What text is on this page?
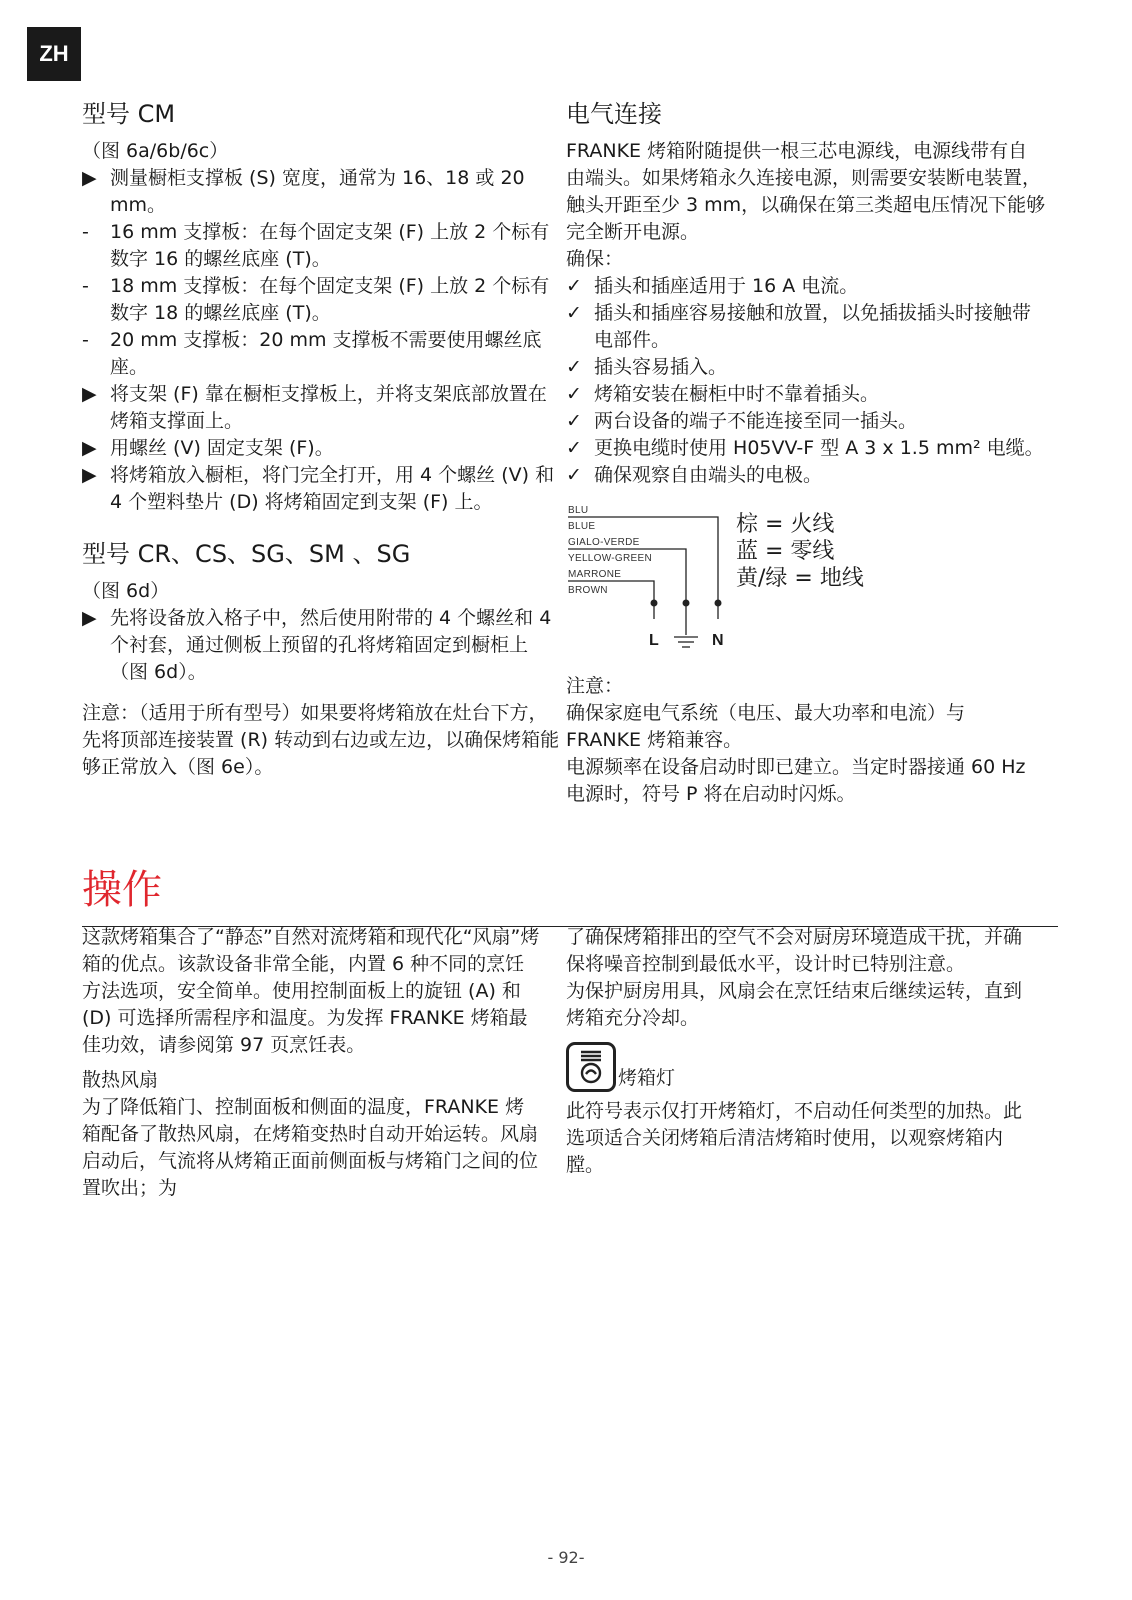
ZH
型号 CM

（图 6a/6b/6c）

▶ 测量橱柜支撑板 (S) 宽度，通常为 16、18 或 20 mm。
-	16 mm 支撑板：在每个固定支架 (F) 上放 2 个标有数字 16 的螺丝底座 (T)。
-	18 mm 支撑板：在每个固定支架 (F) 上放 2 个标有数字 18 的螺丝底座 (T)。
-	20 mm 支撑板：20 mm 支撑板不需要使用螺丝底座。
▶ 将支架 (F) 靠在橱柜支撑板上，并将支架底部放置在烤箱支撑面上。
▶ 用螺丝 (V) 固定支架 (F)。
▶ 将烤箱放入橱柜，将门完全打开，用 4 个螺丝 (V) 和 4 个塑料垫片 (D) 将烤箱固定到支架 (F) 上。
型号 CR、CS、SG、SM 、SG

（图 6d）

▶ 先将设备放入格子中，然后使用附带的 4 个螺丝和 4 个衬套，通过侧板上预留的孔将烤箱固定到橱柜上（图 6d）。

注意：（适用于所有型号）如果要将烤箱放在灶台下方，先将顶部连接装置 (R) 转动到右边或左边，以确保烤箱能够正常放入（图 6e）。

电气连接

FRANKE 烤箱附随提供一根三芯电源线，电源线带有自由端头。如果烤箱永久连接电源，则需要安装断电装置，触头开距至少 3 mm，以确保在第三类超电压情况下能够完全断开电源。

确保：

✓ 插头和插座适用于 16 A 电流。
✓ 插头和插座容易接触和放置，以免插拔插头时接触带电部件。
✓ 插头容易插入。
✓ 烤箱安装在橱柜中时不靠着插头。
✓ 两台设备的端子不能连接至同一插头。
✓ 更换电缆时使用 H05VV-F 型 A 3 x 1.5 mm² 电缆。
✓ 确保观察自由端头的电极。
BLU
BLUE
GIALO-VERDE
YELLOW-GREEN
MARRONE
BROWN
L	N
棕 = 火线
蓝 = 零线
黄/绿 = 地线

注意：

确保家庭电气系统（电压、最大功率和电流）与 FRANKE 烤箱兼容。

电源频率在设备启动时即已建立。当定时器接通 60 Hz 电源时，符号 P 将在启动时闪烁。

操作

这款烤箱集合了“静态”自然对流烤箱和现代化“风扇”烤箱的优点。该款设备非常全能，内置 6 种不同的烹饪方法选项，安全简单。使用控制面板上的旋钮 (A) 和 (D) 可选择所需程序和温度。为发挥 FRANKE 烤箱最佳功效，请参阅第 97 页烹饪表。

散热风扇

为了降低箱门、控制面板和侧面的温度，FRANKE 烤箱配备了散热风扇，在烤箱变热时自动开始运转。风扇启动后，气流将从烤箱正面前侧面板与烤箱门之间的位置吹出；为

了确保烤箱排出的空气不会对厨房环境造成干扰，并确保将噪音控制到最低水平，设计时已特别注意。

为保护厨房用具，风扇会在烹饪结束后继续运转，直到烤箱充分冷却。

烤箱灯

此符号表示仅打开烤箱灯，不启动任何类型的加热。此选项适合关闭烤箱后清洁烤箱时使用，以观察烤箱内膛。

- 92-
